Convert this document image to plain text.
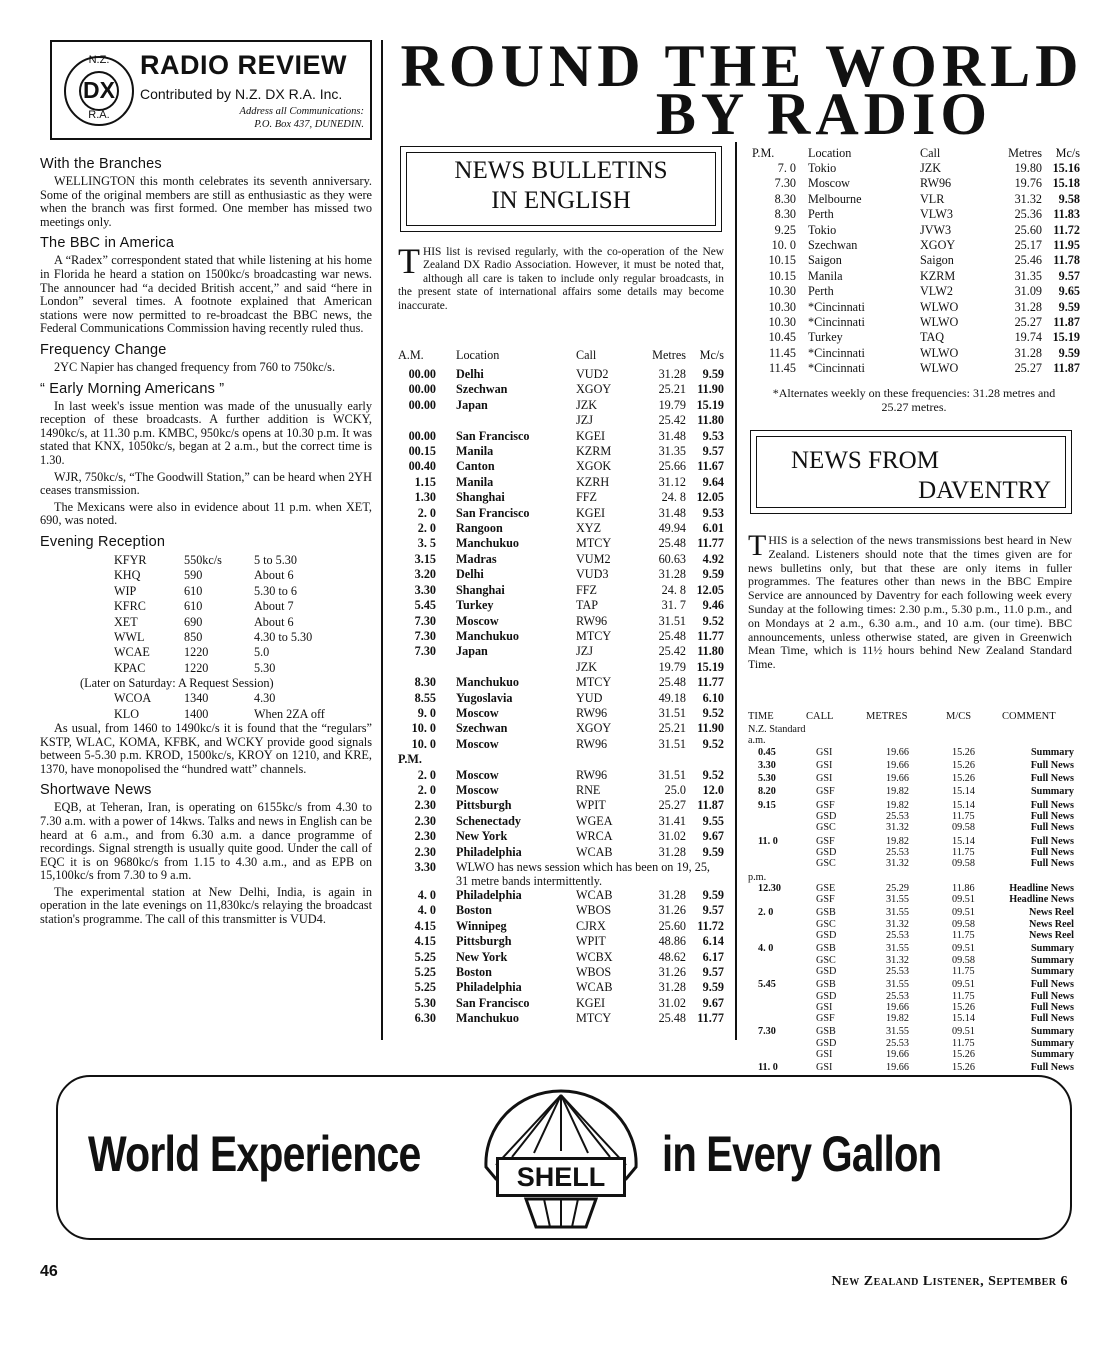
N.Z.
DX
R.A.
RADIO REVIEW
Contributed by N.Z. DX R.A. Inc.
Address all Communications:
P.O. Box 437, DUNEDIN.
With the Branches

WELLINGTON this month celebrates its seventh anniversary. Some of the original members are still as enthusiastic as they were when the branch was first formed. One member has missed two meetings only.

The BBC in America

A “Radex” correspondent stated that while listening at his home in Florida he heard a station on 1500kc/s broadcasting war news. The announcer had “a decided British accent,” and said “here in London” several times. A footnote explained that American stations were now permitted to re-broadcast the BBC news, the Federal Communications Commission having recently ruled thus.

Frequency Change

2YC Napier has changed frequency from 760 to 750kc/s.

“ Early Morning Americans ”

In last week's issue mention was made of the unusually early reception of these broadcasts. A further addition is WCKY, 1490kc/s, at 11.30 p.m. KMBC, 950kc/s opens at 10.30 p.m. It was stated that KNX, 1050kc/s, began at 2 a.m., but the correct time is 1.30.

WJR, 750kc/s, “The Goodwill Station,” can be heard when 2YH ceases transmission.

The Mexicans were also in evidence about 11 p.m. when XET, 690, was noted.

Evening Reception
KFYR	550kc/s	5 to 5.30
KHQ	590	About 6
WIP	610	5.30 to 6
KFRC	610	About 7
XET	690	About 6
WWL	850	4.30 to 5.30
WCAE	1220	5.0
KPAC	1220	5.30
(Later on Saturday: A Request Session)
WCOA	1340	4.30
KLO	1400	When 2ZA off

As usual, from 1460 to 1490kc/s it is found that the “regulars” KSTP, WLAC, KOMA, KFBK, and WCKY provide good signals between 5-5.30 p.m. KROD, 1500kc/s, KROY on 1210, and KRE, 1370, have monopolised the “hundred watt” channels.

Shortwave News

EQB, at Teheran, Iran, is operating on 6155kc/s from 4.30 to 7.30 a.m. with a power of 14kws. Talks and news in English can be heard at 6 a.m., and from 6.30 a.m. a dance programme of recordings. Signal strength is usually quite good. Under the call of EQC it is on 9680kc/s from 1.15 to 4.30 a.m., and as EPB on 15,100kc/s from 7.30 to 9 a.m.

The experimental station at New Delhi, India, is again in operation in the late evenings on 11,830kc/s relaying the broadcast station's programme. The call of this transmitter is VUD4.

ROUND THE WORLD
BY RADIO
NEWS BULLETINS
IN ENGLISH
T HIS list is revised regularly, with the co-operation of the New Zealand DX Radio Association. However, it must be noted that, although all care is taken to include only regular broadcasts, in the present state of international affairs some details may become inaccurate.
A.M.	Location	Call	Metres	Mc/s
00.00	Delhi	VUD2	31.28	9.59
00.00	Szechwan	XGOY	25.21	11.90
00.00	Japan	JZK	19.79	15.19
		JZJ	25.42	11.80
00.00	San Francisco	KGEI	31.48	9.53
00.15	Manila	KZRM	31.35	9.57
00.40	Canton	XGOK	25.66	11.67
1.15	Manila	KZRH	31.12	9.64
1.30	Shanghai	FFZ	24. 8	12.05
2. 0	San Francisco	KGEI	31.48	9.53
2. 0	Rangoon	XYZ	49.94	6.01
3. 5	Manchukuo	MTCY	25.48	11.77
3.15	Madras	VUM2	60.63	4.92
3.20	Delhi	VUD3	31.28	9.59
3.30	Shanghai	FFZ	24. 8	12.05
5.45	Turkey	TAP	31. 7	9.46
7.30	Moscow	RW96	31.51	9.52
7.30	Manchukuo	MTCY	25.48	11.77
7.30	Japan	JZJ	25.42	11.80
		JZK	19.79	15.19
8.30	Manchukuo	MTCY	25.48	11.77
8.55	Yugoslavia	YUD	49.18	6.10
9. 0	Moscow	RW96	31.51	9.52
10. 0	Szechwan	XGOY	25.21	11.90
10. 0	Moscow	RW96	31.51	9.52
P.M.				
2. 0	Moscow	RW96	31.51	9.52
2. 0	Moscow	RNE	25.0	12.0
2.30	Pittsburgh	WPIT	25.27	11.87
2.30	Schenectady	WGEA	31.41	9.55
2.30	New York	WRCA	31.02	9.67
2.30	Philadelphia	WCAB	31.28	9.59
3.30	WLWO has news session which has been on 19, 25, 31 metre bands intermittently.			
4. 0	Philadelphia	WCAB	31.28	9.59
4. 0	Boston	WBOS	31.26	9.57
4.15	Winnipeg	CJRX	25.60	11.72
4.15	Pittsburgh	WPIT	48.86	6.14
5.25	New York	WCBX	48.62	6.17
5.25	Boston	WBOS	31.26	9.57
5.25	Philadelphia	WCAB	31.28	9.59
5.30	San Francisco	KGEI	31.02	9.67
6.30	Manchukuo	MTCY	25.48	11.77
P.M.	Location	Call	Metres	Mc/s
7. 0	Tokio	JZK	19.80	15.16
7.30	Moscow	RW96	19.76	15.18
8.30	Melbourne	VLR	31.32	9.58
8.30	Perth	VLW3	25.36	11.83
9.25	Tokio	JVW3	25.60	11.72
10. 0	Szechwan	XGOY	25.17	11.95
10.15	Saigon	Saigon	25.46	11.78
10.15	Manila	KZRM	31.35	9.57
10.30	Perth	VLW2	31.09	9.65
10.30	*Cincinnati	WLWO	31.28	9.59
10.30	*Cincinnati	WLWO	25.27	11.87
10.45	Turkey	TAQ	19.74	15.19
11.45	*Cincinnati	WLWO	31.28	9.59
11.45	*Cincinnati	WLWO	25.27	11.87
*Alternates weekly on these frequencies: 31.28 metres and 25.27 metres.
NEWS FROM
DAVENTRY
T HIS is a selection of the news transmissions best heard in New Zealand. Listeners should note that the times given are for news bulletins only, but that these are only items in fuller programmes. The features other than news in the BBC Empire Service are announced by Daventry for each following week every Sunday at the following times: 2.30 p.m., 5.30 p.m., 11.0 p.m., and on Mondays at 2 a.m., 6.30 a.m., and 10 a.m. (our time). BBC announcements, unless otherwise stated, are given in Greenwich Mean Time, which is 11½ hours behind New Zealand Standard Time.
TIME	CALL	METRES	M/CS	COMMENT
N.Z. Standard				
a.m.				
0.45	GSI	19.66	15.26	Summary

3.30	GSI	19.66	15.26	Full News

5.30	GSI	19.66	15.26	Full News

8.20	GSF	19.82	15.14	Summary

9.15	GSF	19.82	15.14	Full News
	GSD	25.53	11.75	Full News
	GSC	31.32	09.58	Full News

11. 0	GSF	19.82	15.14	Full News
	GSD	25.53	11.75	Full News
	GSC	31.32	09.58	Full News

p.m.				
12.30	GSE	25.29	11.86	Headline News
	GSF	31.55	09.51	Headline News

2. 0	GSB	31.55	09.51	News Reel
	GSC	31.32	09.58	News Reel
	GSD	25.53	11.75	News Reel

4. 0	GSB	31.55	09.51	Summary
	GSC	31.32	09.58	Summary
	GSD	25.53	11.75	Summary

5.45	GSB	31.55	09.51	Full News
	GSD	25.53	11.75	Full News
	GSI	19.66	15.26	Full News
	GSF	19.82	15.14	Full News

7.30	GSB	31.55	09.51	Summary
	GSD	25.53	11.75	Summary
	GSI	19.66	15.26	Summary

11. 0	GSI	19.66	15.26	Full News

World Experience	SHELL	in Every Gallon
46
New Zealand Listener, September 6
